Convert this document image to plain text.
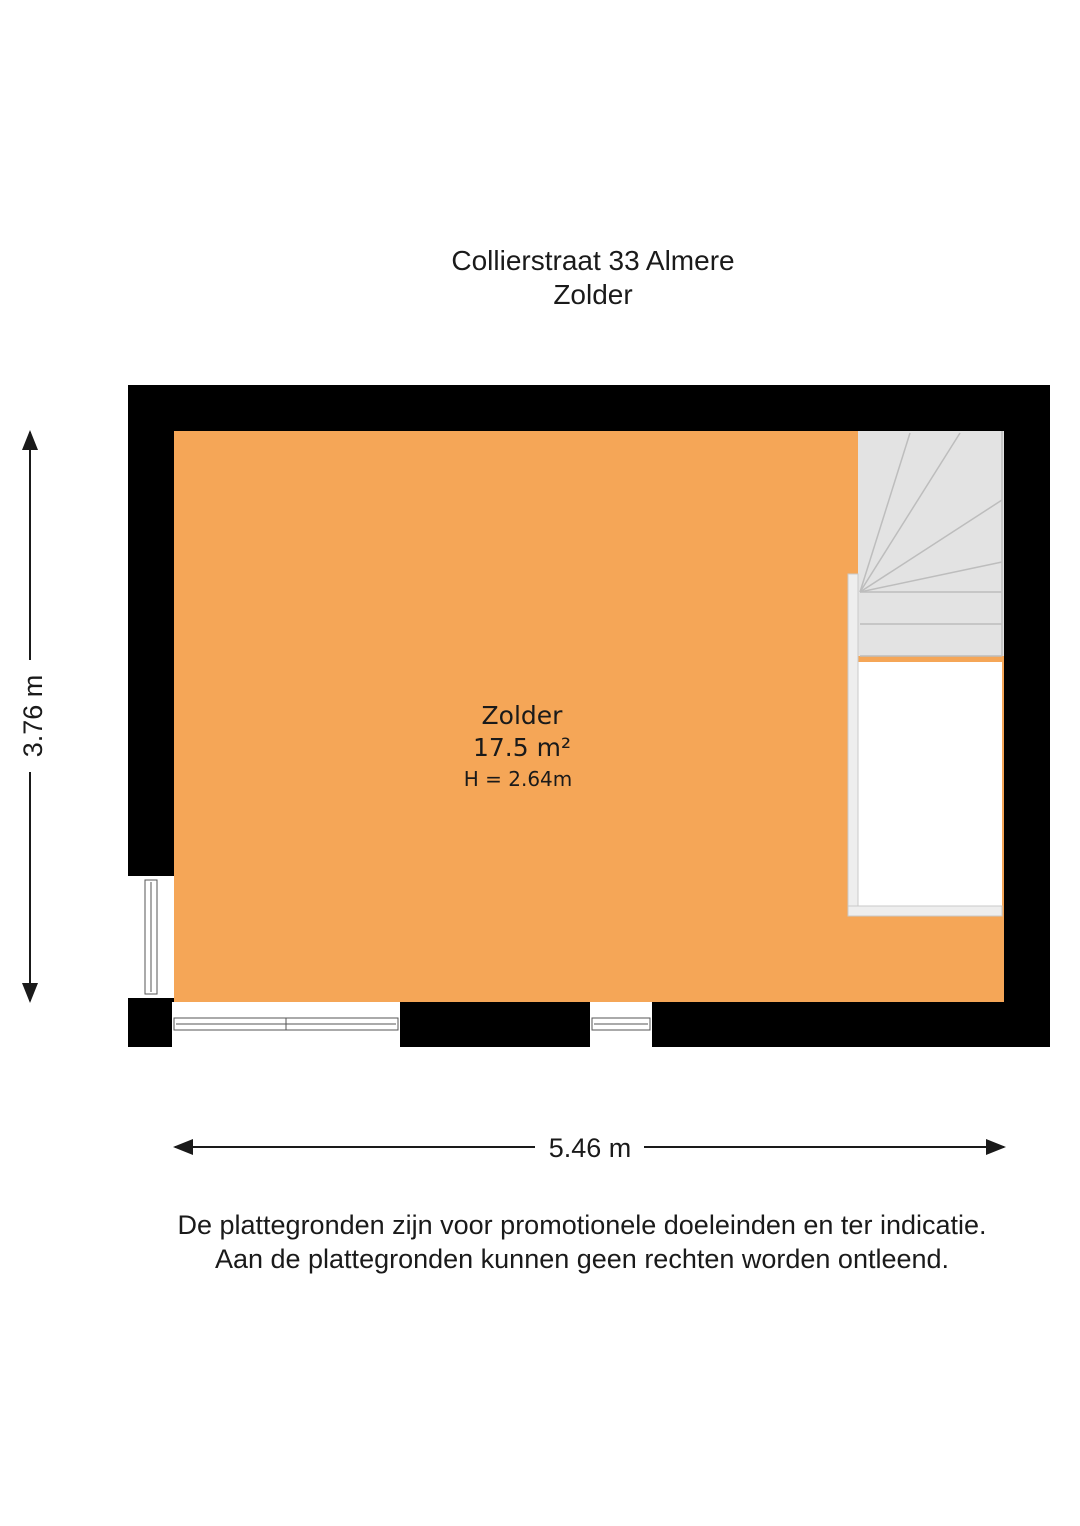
Collierstraat 33 Almere
Zolder
Zolder
17.5 m²
H = 2.64m
3.76 m
5.46 m
De plattegronden zijn voor promotionele doeleinden en ter indicatie.
Aan de plattegronden kunnen geen rechten worden ontleend.
